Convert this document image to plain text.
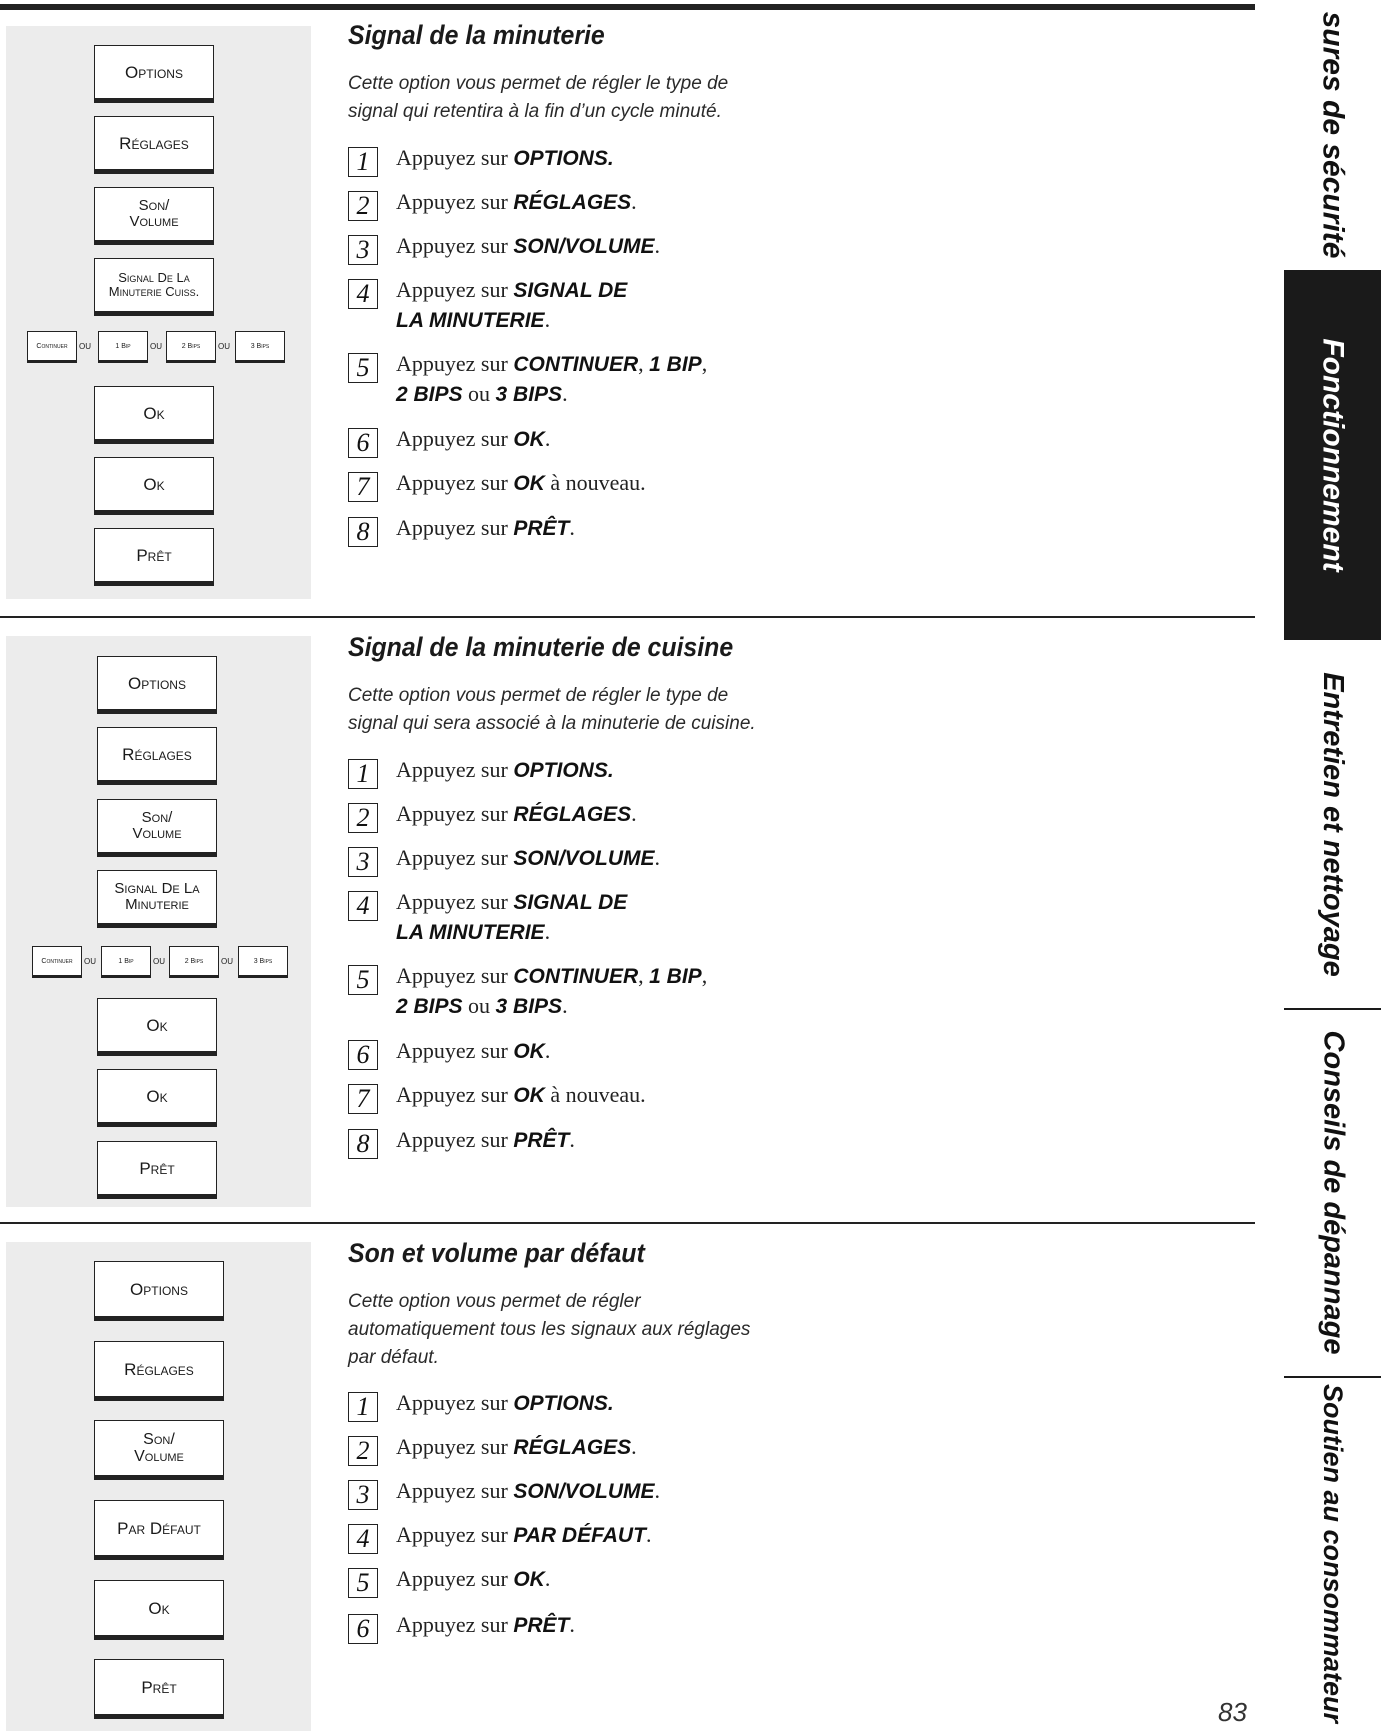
Options
Réglages
Son/
Volume
Signal De La
Minuterie Cuiss.
Continuer	ou	1 Bip	ou	2 Bips	ou	3 Bips
Ok
Ok
Prêt
Signal de la minuterie
Cette option vous permet de régler le type de
signal qui retentira à la fin d’un cycle minuté.
1	Appuyez sur OPTIONS.
2	Appuyez sur RÉGLAGES.
3	Appuyez sur SON/VOLUME.
4	Appuyez sur SIGNAL DE
LA MINUTERIE.
5	Appuyez sur CONTINUER, 1 BIP,
2 BIPS ou 3 BIPS.
6	Appuyez sur OK.
7	Appuyez sur OK à nouveau.
8	Appuyez sur PRÊT.
Options
Réglages
Son/
Volume
Signal De La
Minuterie
Continuer	ou	1 Bip	ou	2 Bips	ou	3 Bips
Ok
Ok
Prêt
Signal de la minuterie de cuisine
Cette option vous permet de régler le type de
signal qui sera associé à la minuterie de cuisine.
1	Appuyez sur OPTIONS.
2	Appuyez sur RÉGLAGES.
3	Appuyez sur SON/VOLUME.
4	Appuyez sur SIGNAL DE
LA MINUTERIE.
5	Appuyez sur CONTINUER, 1 BIP,
2 BIPS ou 3 BIPS.
6	Appuyez sur OK.
7	Appuyez sur OK à nouveau.
8	Appuyez sur PRÊT.
Options
Réglages
Son/
Volume
Par Défaut
Ok
Prêt
Son et volume par défaut
Cette option vous permet de régler
automatiquement tous les signaux aux réglages
par défaut.
1	Appuyez sur OPTIONS.
2	Appuyez sur RÉGLAGES.
3	Appuyez sur SON/VOLUME.
4	Appuyez sur PAR DÉFAUT.
5	Appuyez sur OK.
6	Appuyez sur PRÊT.
83
sures de sécurité
Fonctionnement
Entretien et nettoyage
Conseils de dépannage
Soutien au consommateur
